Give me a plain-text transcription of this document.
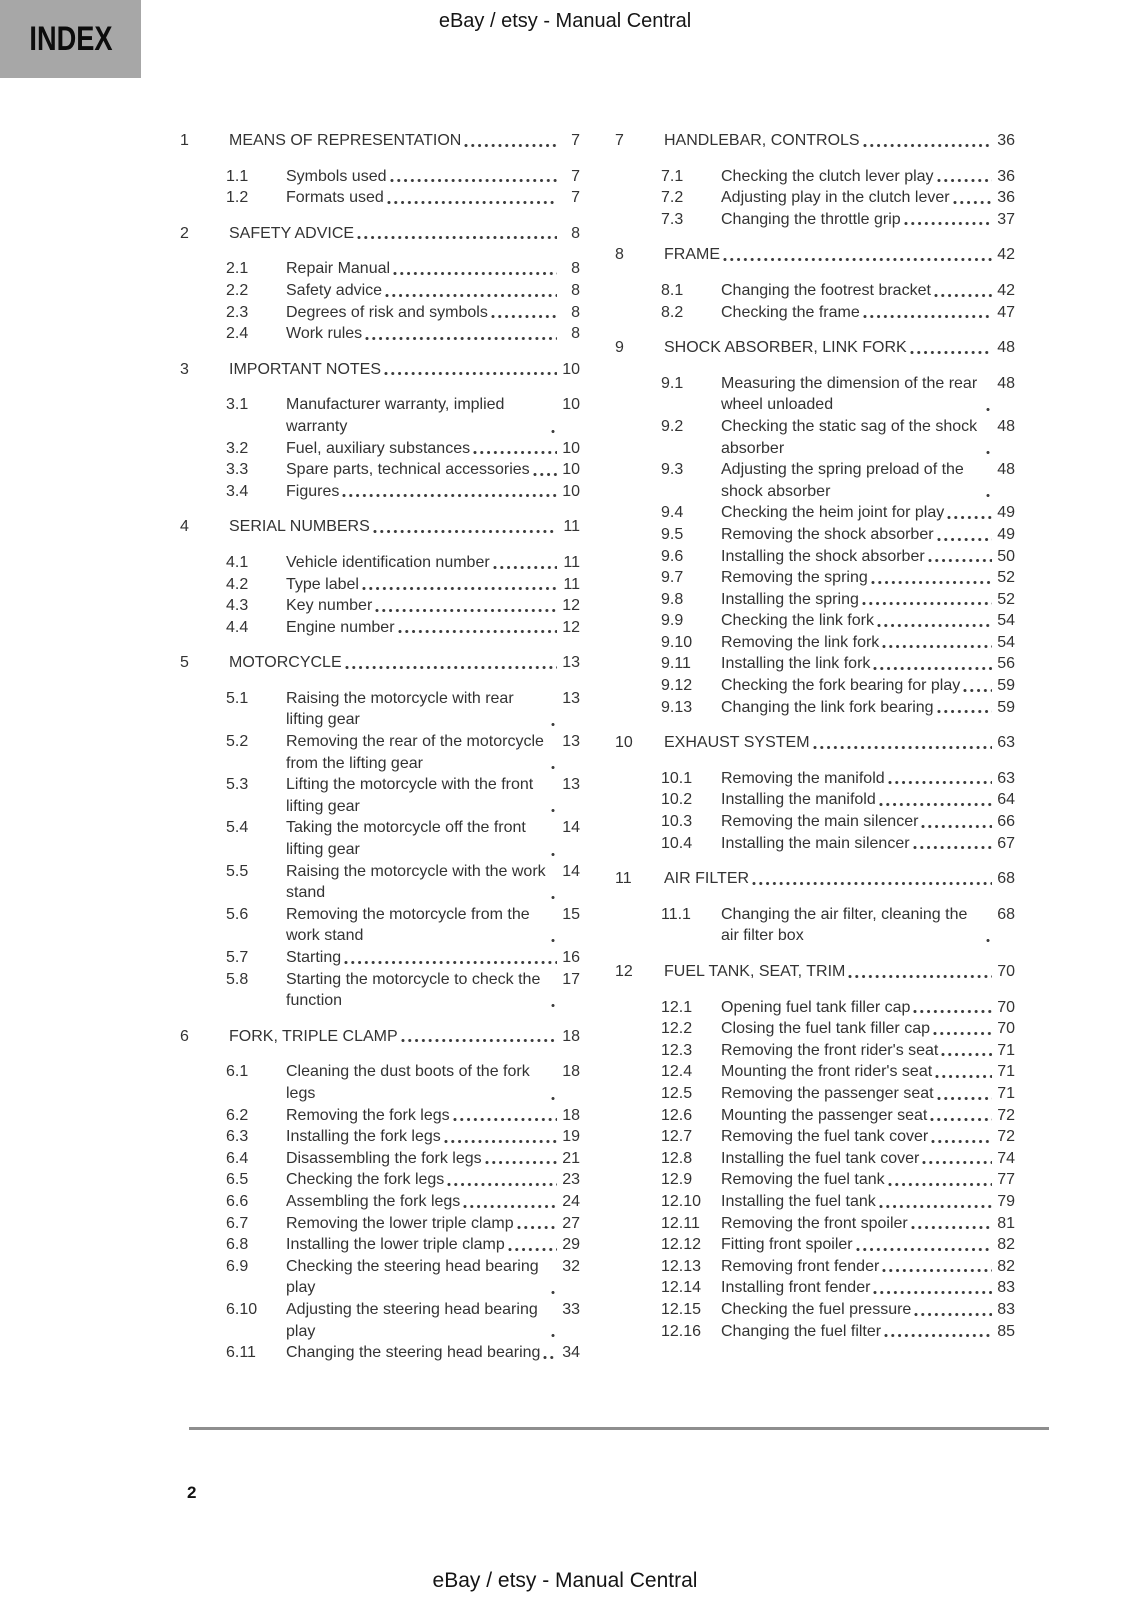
INDEX	eBay / etsy - Manual Central
1	MEANS OF REPRESENTATION	7
1.1	Symbols used	7
1.2	Formats used	7
2	SAFETY ADVICE	8
2.1	Repair Manual	8
2.2	Safety advice	8
2.3	Degrees of risk and symbols	8
2.4	Work rules	8
3	IMPORTANT NOTES	10
3.1	Manufacturer warranty, implied warranty
10
3.2	Fuel, auxiliary substances	10
3.3	Spare parts, technical accessories 10
3.4	Figures	10
4	SERIAL NUMBERS	11
4.1	Vehicle identification number	11
4.2	Type label	11
4.3	Key number	12
4.4	Engine number	12
5	MOTORCYCLE	13
5.1	Raising the motorcycle with rear lifting gear
13
5.2	Removing the rear of the motorcycle from the lifting gear
13
5.3	Lifting the motorcycle with the front lifting gear
13
5.4	Taking the motorcycle off the front lifting gear
14
5.5	Raising the motorcycle with the work stand
14
5.6	Removing the motorcycle from the work stand
15
5.7	Starting	16
5.8	Starting the motorcycle to check the function
17
6	FORK, TRIPLE CLAMP	18
6.1	Cleaning the dust boots of the fork legs
18
6.2	Removing the fork legs	18
6.3	Installing the fork legs	19
6.4	Disassembling the fork legs	21
6.5	Checking the fork legs	23
6.6	Assembling the fork legs	24
6.7	Removing the lower triple clamp	27
6.8	Installing the lower triple clamp	29
6.9	Checking the steering head bearing play
32
6.10	Adjusting the steering head bearing play
33
6.11	Changing the steering head bearing 34
7	HANDLEBAR, CONTROLS	36
7.1	Checking the clutch lever play	36
7.2	Adjusting play in the clutch lever	36
7.3	Changing the throttle grip	37
8	FRAME	42
8.1	Changing the footrest bracket	42
8.2	Checking the frame	47
9	SHOCK ABSORBER, LINK FORK	48
9.1	Measuring the dimension of the rear wheel unloaded
48
9.2	Checking the static sag of the shock absorber
48
9.3	Adjusting the spring preload of the shock absorber
48
9.4	Checking the heim joint for play	49
9.5	Removing the shock absorber	49
9.6	Installing the shock absorber	50
9.7	Removing the spring	52
9.8	Installing the spring	52
9.9	Checking the link fork	54
9.10	Removing the link fork	54
9.11	Installing the link fork	56
9.12	Checking the fork bearing for play 59
9.13	Changing the link fork bearing	59
10	EXHAUST SYSTEM	63
10.1	Removing the manifold	63
10.2	Installing the manifold	64
10.3	Removing the main silencer	66
10.4	Installing the main silencer	67
11	AIR FILTER	68
11.1	Changing the air filter, cleaning the air filter box
68
12	FUEL TANK, SEAT, TRIM	70
12.1	Opening fuel tank filler cap	70
12.2	Closing the fuel tank filler cap	70
12.3	Removing the front rider's seat	71
12.4	Mounting the front rider's seat	71
12.5	Removing the passenger seat	71
12.6	Mounting the passenger seat	72
12.7	Removing the fuel tank cover	72
12.8	Installing the fuel tank cover	74
12.9	Removing the fuel tank	77
12.10	Installing the fuel tank	79
12.11	Removing the front spoiler	81
12.12	Fitting front spoiler	82
12.13	Removing front fender	82
12.14	Installing front fender	83
12.15	Checking the fuel pressure	83
12.16	Changing the fuel filter	85
2
eBay / etsy - Manual Central
